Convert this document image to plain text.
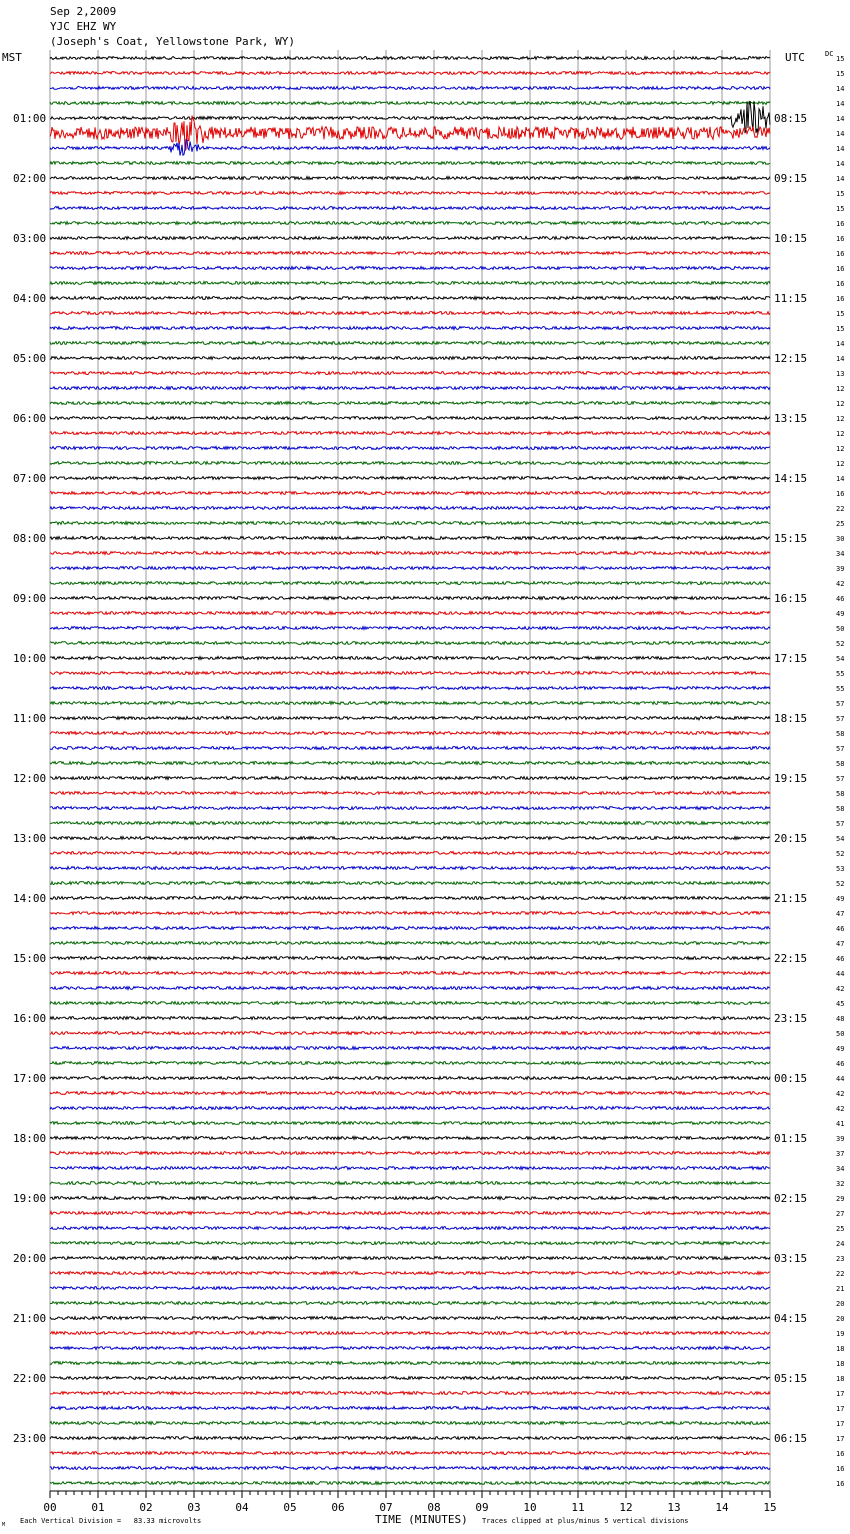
Sep 2,2009
YJC EHZ WY
(Joseph's Coat, Yellowstone Park, WY)
15
15
14
14
14
14
14
14
14
15
15
16
16
16
16
16
16
15
15
14
14
13
12
12
12
12
12
12
14
16
22
25
30
34
39
42
46
49
50
52
54
55
55
57
57
58
57
58
57
58
58
57
54
52
53
52
49
47
46
47
46
44
42
45
48
50
49
46
44
42
42
41
39
37
34
32
29
27
25
24
23
22
21
20
20
19
18
18
18
17
17
17
17
16
16
16
01:00
02:00
03:00
04:00
05:00
06:00
07:00
08:00
09:00
10:00
11:00
12:00
13:00
14:00
15:00
16:00
17:00
18:00
19:00
20:00
21:00
22:00
23:00
08:15
09:15
10:15
11:15
12:15
13:15
14:15
15:15
16:15
17:15
18:15
19:15
20:15
21:15
22:15
23:15
00:15
01:15
02:15
03:15
04:15
05:15
06:15
00	01	02	03	04	05	06	07	08	09	10	11	12	13	14	15
MST	UTC	DC
TIME (MINUTES)
Each Vertical Division =   83.33 microvolts	Traces clipped at plus/minus 5 vertical divisions
M
